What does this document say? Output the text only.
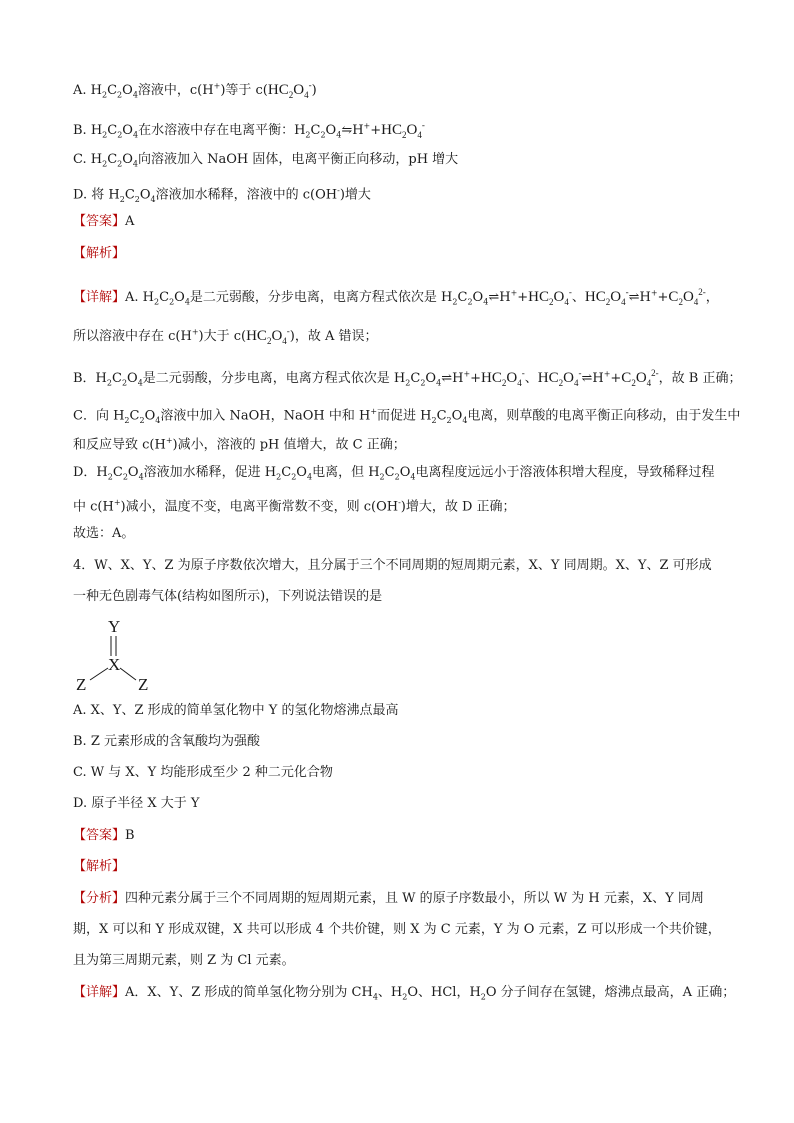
A. $H_2C_2O_4$溶液中，c(H+)等于 $c(HC_2O_4^-)$
B. $H_2C_2O_4$在水溶液中存在电离平衡：$H_2C_2O_4⇋H^++HC_2O_4^-$
C. $H_2C_2O_4$向溶液加入 NaOH 固体，电离平衡正向移动，pH 增大
D. 将 $H_2C_2O_4$溶液加水稀释，溶液中的 c(OH-)增大
【答案】A
【解析】
【详解】A. $H_2C_2O_4$是二元弱酸，分步电离，电离方程式依次是 $H_2C_2O_4\rightleftharpoons H^++HC_2O_4^-$、$HC_2O_4^-\rightleftharpoons H^++C_2O_4^{2-}$，
所以溶液中存在 c(H+)大于 $c(HC_2O_4^-)$，故 A 错误；
B．$H_2C_2O_4$是二元弱酸，分步电离，电离方程式依次是 $H_2C_2O_4\rightleftharpoons H^++HC_2O_4^-$、$HC_2O_4^-\rightleftharpoons H^++C_2O_4^{2-}$，故 B 正确；
C．向 $H_2C_2O_4$溶液中加入 NaOH，NaOH 中和 H+而促进 $H_2C_2O_4$电离，则草酸的电离平衡正向移动，由于发生中
和反应导致 c(H+)减小，溶液的 pH 值增大，故 C 正确；
D．$H_2C_2O_4$溶液加水稀释，促进 $H_2C_2O_4$电离，但 $H_2C_2O_4$电离程度远远小于溶液体积增大程度，导致稀释过程
中 c(H+)减小，温度不变，电离平衡常数不变，则 c(OH-)增大，故 D 正确；
故选：A。
4．W、X、Y、Z 为原子序数依次增大，且分属于三个不同周期的短周期元素，X、Y 同周期。X、Y、Z 可形成
一种无色剧毒气体(结构如图所示)，下列说法错误的是
Y
X
Z	Z
A. X、Y、Z 形成的简单氢化物中 Y 的氢化物熔沸点最高
B. Z 元素形成的含氧酸均为强酸
C. W 与 X、Y 均能形成至少 2 种二元化合物
D. 原子半径 X 大于 Y
【答案】B
【解析】
【分析】四种元素分属于三个不同周期的短周期元素，且 W 的原子序数最小，所以 W 为 H 元素，X、Y 同周
期，X 可以和 Y 形成双键，X 共可以形成 4 个共价键，则 X 为 C 元素，Y 为 O 元素，Z 可以形成一个共价键，
且为第三周期元素，则 Z 为 Cl 元素。
【详解】A．X、Y、Z 形成的简单氢化物分别为 $CH_4$、$H_2O$、HCl，$H_2O$ 分子间存在氢键，熔沸点最高，A 正确；
